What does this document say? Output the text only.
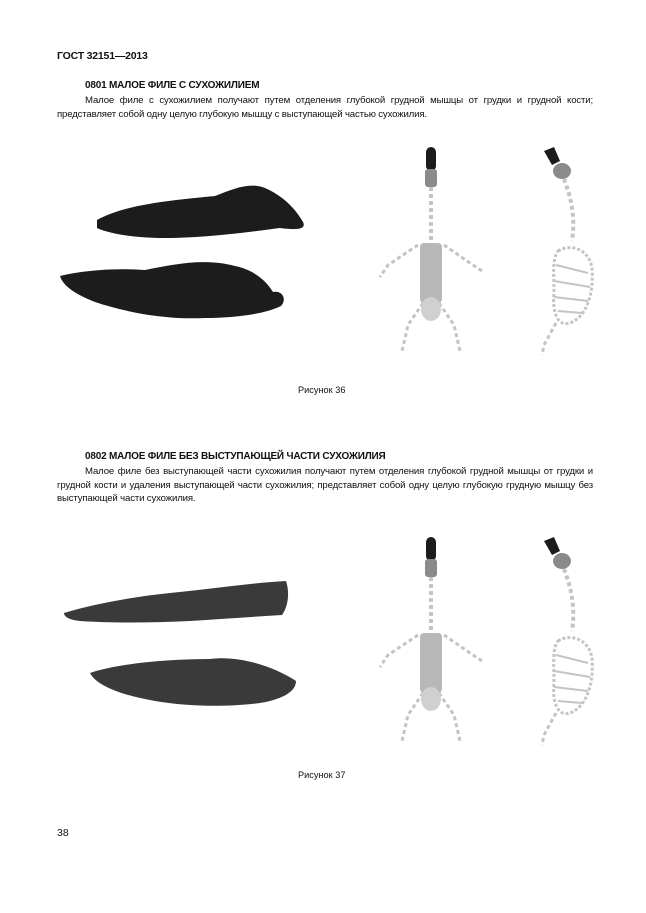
ГОСТ 32151—2013
0801 МАЛОЕ ФИЛЕ С СУХОЖИЛИЕМ
Малое филе с сухожилием получают путем отделения глубокой грудной мышцы от грудки и грудной кости; представляет собой одну целую глубокую мышцу с выступающей частью сухожилия.
Рисунок 36
0802 МАЛОЕ ФИЛЕ БЕЗ ВЫСТУПАЮЩЕЙ ЧАСТИ СУХОЖИЛИЯ
Малое филе без выступающей части сухожилия получают путем отделения глубокой грудной мышцы от грудки и грудной кости и удаления выступающей части сухожилия; представляет собой одну целую глубокую грудную мышцу без выступающей части сухожилия.
Рисунок 37
38
